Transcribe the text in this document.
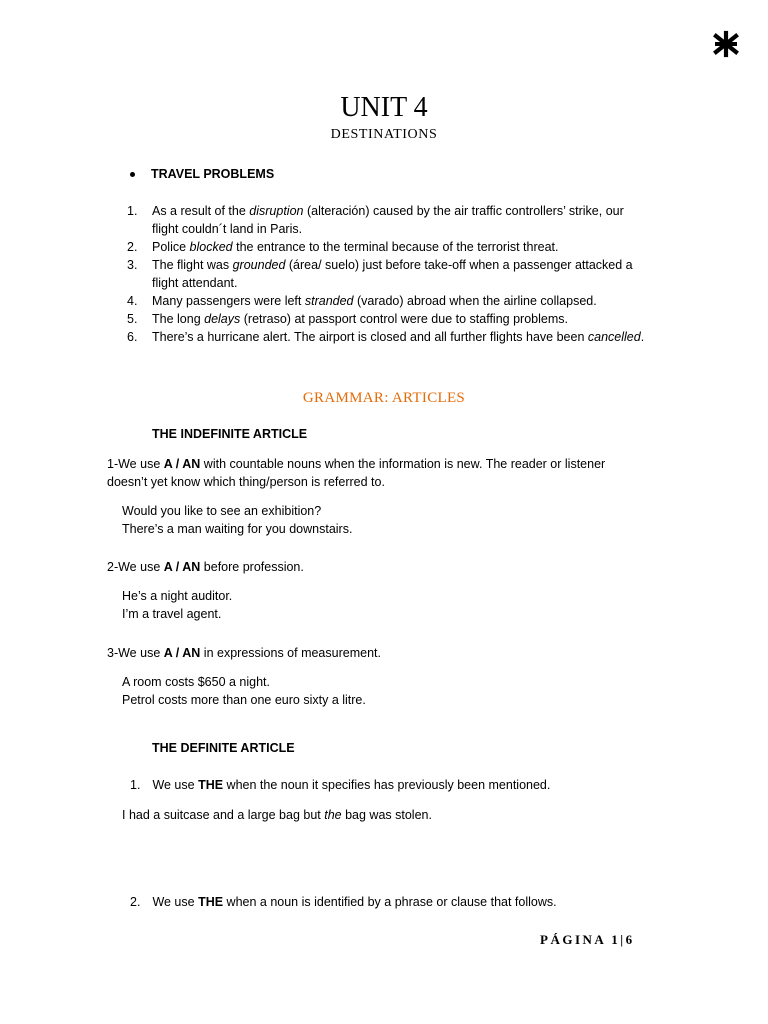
UNIT 4
DESTINATIONS
TRAVEL PROBLEMS
1. As a result of the disruption (alteración) caused by the air traffic controllers’ strike, our flight couldn´t land in Paris.
2. Police blocked the entrance to the terminal because of the terrorist threat.
3. The flight was grounded (área/ suelo) just before take-off when a passenger attacked a flight attendant.
4. Many passengers were left stranded (varado) abroad when the airline collapsed.
5. The long delays (retraso) at passport control were due to staffing problems.
6. There’s a hurricane alert. The airport is closed and all further flights have been cancelled.
GRAMMAR: ARTICLES
THE INDEFINITE ARTICLE
1-We use A / AN with countable nouns when the information is new. The reader or listener doesn’t yet know which thing/person is referred to.
Would you like to see an exhibition?
There’s a man waiting for you downstairs.
2-We use A / AN before profession.
He’s a night auditor.
I’m a travel agent.
3-We use A / AN in expressions of measurement.
A room costs $650 a night.
Petrol costs more than one euro sixty a litre.
THE DEFINITE ARTICLE
1. We use THE when the noun it specifies has previously been mentioned.
I had a suitcase and a large bag but the bag was stolen.
2. We use THE when a noun is identified by a phrase or clause that follows.
PÁGINA 1|6
